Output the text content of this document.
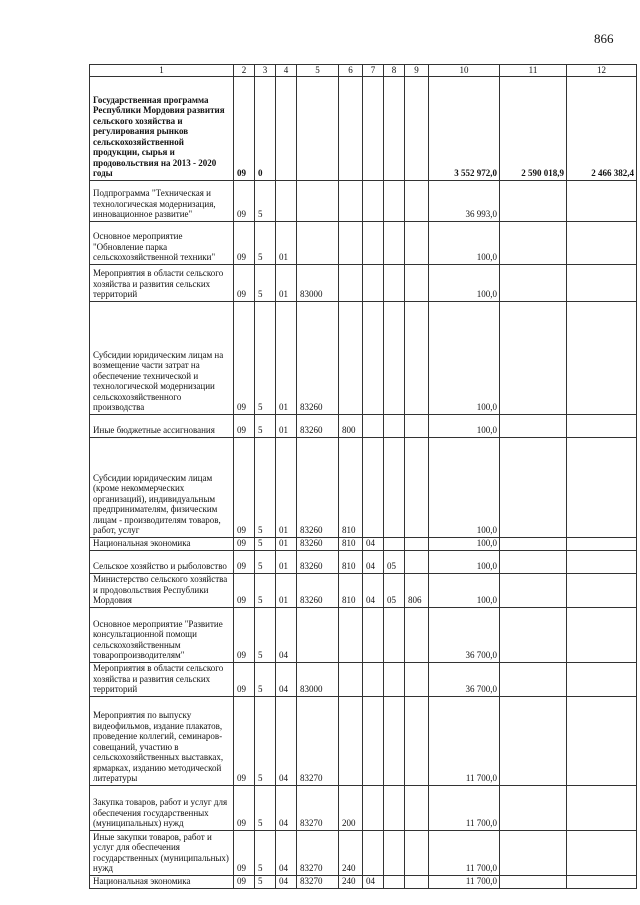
866
1	2	3	4	5	6	7	8	9	10	11	12
Государственная программа Республики Мордовия развития сельского хозяйства и регулирования рынков сельскохозяйственной продукции, сырья и продовольствия на 2013 - 2020 годы	09	0							3 552 972,0	2 590 018,9	2 466 382,4
Подпрограмма "Техническая и технологическая модернизация, инновационное развитие"	09	5							36 993,0		
Основное мероприятие "Обновление парка сельскохозяйственной техники"	09	5	01						100,0		
Мероприятия в области сельского хозяйства и развития сельских территорий	09	5	01	83000					100,0		
Субсидии юридическим лицам на возмещение части затрат на обеспечение технической и технологической модернизации сельскохозяйственного производства	09	5	01	83260					100,0		
Иные бюджетные ассигнования	09	5	01	83260	800				100,0		
Субсидии юридическим лицам (кроме некоммерческих организаций), индивидуальным предпринимателям, физическим лицам - производителям товаров, работ, услуг	09	5	01	83260	810				100,0		
Национальная экономика	09	5	01	83260	810	04			100,0		
Сельское хозяйство и рыболовство	09	5	01	83260	810	04	05		100,0		
Министерство сельского хозяйства и продовольствия Республики Мордовия	09	5	01	83260	810	04	05	806	100,0		
Основное мероприятие "Развитие консультационной помощи сельскохозяйственным товаропроизводителям"	09	5	04						36 700,0		
Мероприятия в области сельского хозяйства и развития сельских территорий	09	5	04	83000					36 700,0		
Мероприятия по выпуску видеофильмов, издание плакатов, проведение коллегий, семинаров-совещаний, участию в сельскохозяйственных выставках, ярмарках, изданию методической литературы	09	5	04	83270					11 700,0		
Закупка товаров, работ и услуг для обеспечения государственных (муниципальных) нужд	09	5	04	83270	200				11 700,0		
Иные закупки товаров, работ и услуг для обеспечения государственных (муниципальных) нужд	09	5	04	83270	240				11 700,0		
Национальная экономика	09	5	04	83270	240	04			11 700,0		
